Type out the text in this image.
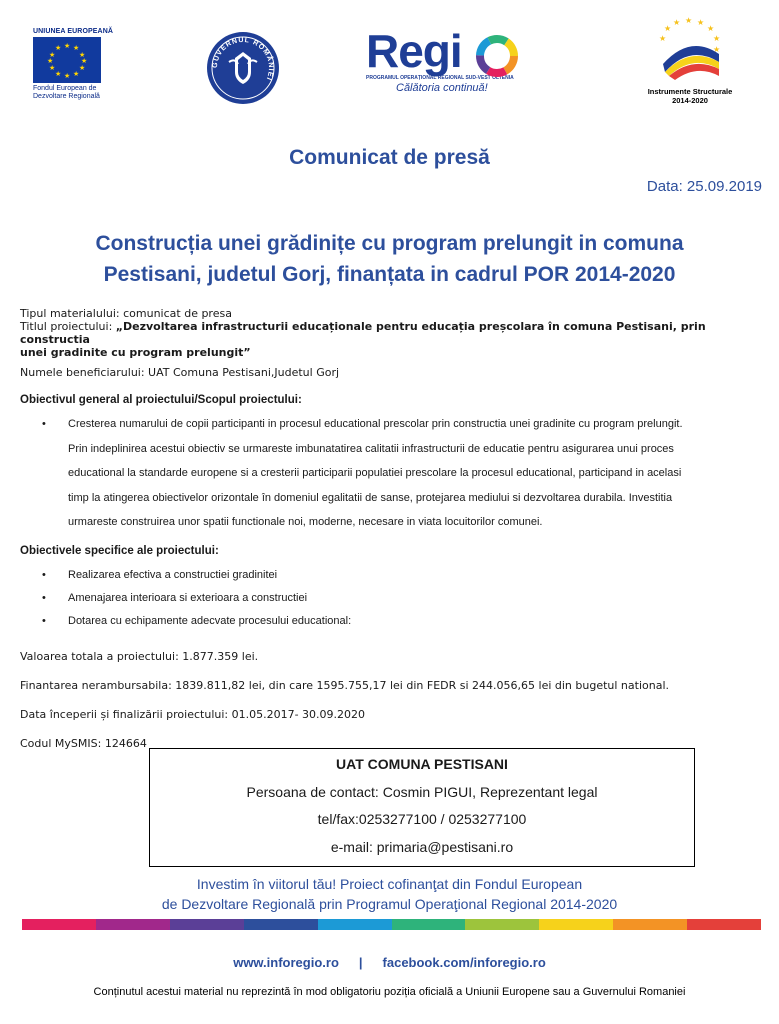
UNIUNEA EUROPEANĂ
★ ★
★
★
★
★
★
★
★
★
★
★
Fondul European de
Dezvoltare Regională
GUVERNUL ROMÂNIEI
Regi
PROGRAMUL OPERAȚIONAL REGIONAL SUD-VEST OLTENIA
Călătoria continuă!
★ ★
★
★
★
★
★
★
Instrumente Structurale
2014-2020
Comunicat de presă
Data: 25.09.2019
Construcția unei grădinițe cu program prelungit in comuna
Pestisani, judetul Gorj, finanțata in cadrul POR 2014-2020
Tipul materialului: comunicat de presa
Titlul proiectului: „Dezvoltarea infrastructurii educaționale pentru educația preșcolara în comuna Pestisani, prin constructia
unei gradinite cu program prelungit”
Numele beneficiarului: UAT Comuna Pestisani,Judetul Gorj
Obiectivul general al proiectului/Scopul proiectului:
• Cresterea numarului de copii participanti in procesul educational prescolar prin constructia unei gradinite cu program prelungit.
Prin indeplinirea acestui obiectiv se urmareste imbunatatirea calitatii infrastructurii de educatie pentru asigurarea unui proces
educational la standarde europene si a cresterii participarii populatiei prescolare la procesul educational, participand in acelasi
timp la atingerea obiectivelor orizontale în domeniul egalitatii de sanse, protejarea mediului si dezvoltarea durabila. Investitia
urmareste construirea unor spatii functionale noi, moderne, necesare in viata locuitorilor comunei.
Obiectivele specifice ale proiectului:
• Realizarea efectiva a constructiei gradinitei
• Amenajarea interioara si exterioara a constructiei
• Dotarea cu echipamente adecvate procesului educational:
Valoarea totala a proiectului: 1.877.359 lei.
Finantarea nerambursabila: 1839.811,82 lei, din care 1595.755,17 lei din FEDR si 244.056,65 lei din bugetul national.
Data începerii și finalizării proiectului: 01.05.2017- 30.09.2020
Codul MySMIS: 124664
UAT COMUNA PESTISANI
Persoana de contact: Cosmin PIGUI, Reprezentant legal
tel/fax:0253277100 / 0253277100
e-mail: primaria@pestisani.ro
Investim în viitorul tău! Proiect cofinanţat din Fondul European
de Dezvoltare Regională prin Programul Operaţional Regional 2014-2020
www.inforegio.ro | facebook.com/inforegio.ro
Conținutul acestui material nu reprezintă în mod obligatoriu poziția oficială a Uniunii Europene sau a Guvernului Romaniei
